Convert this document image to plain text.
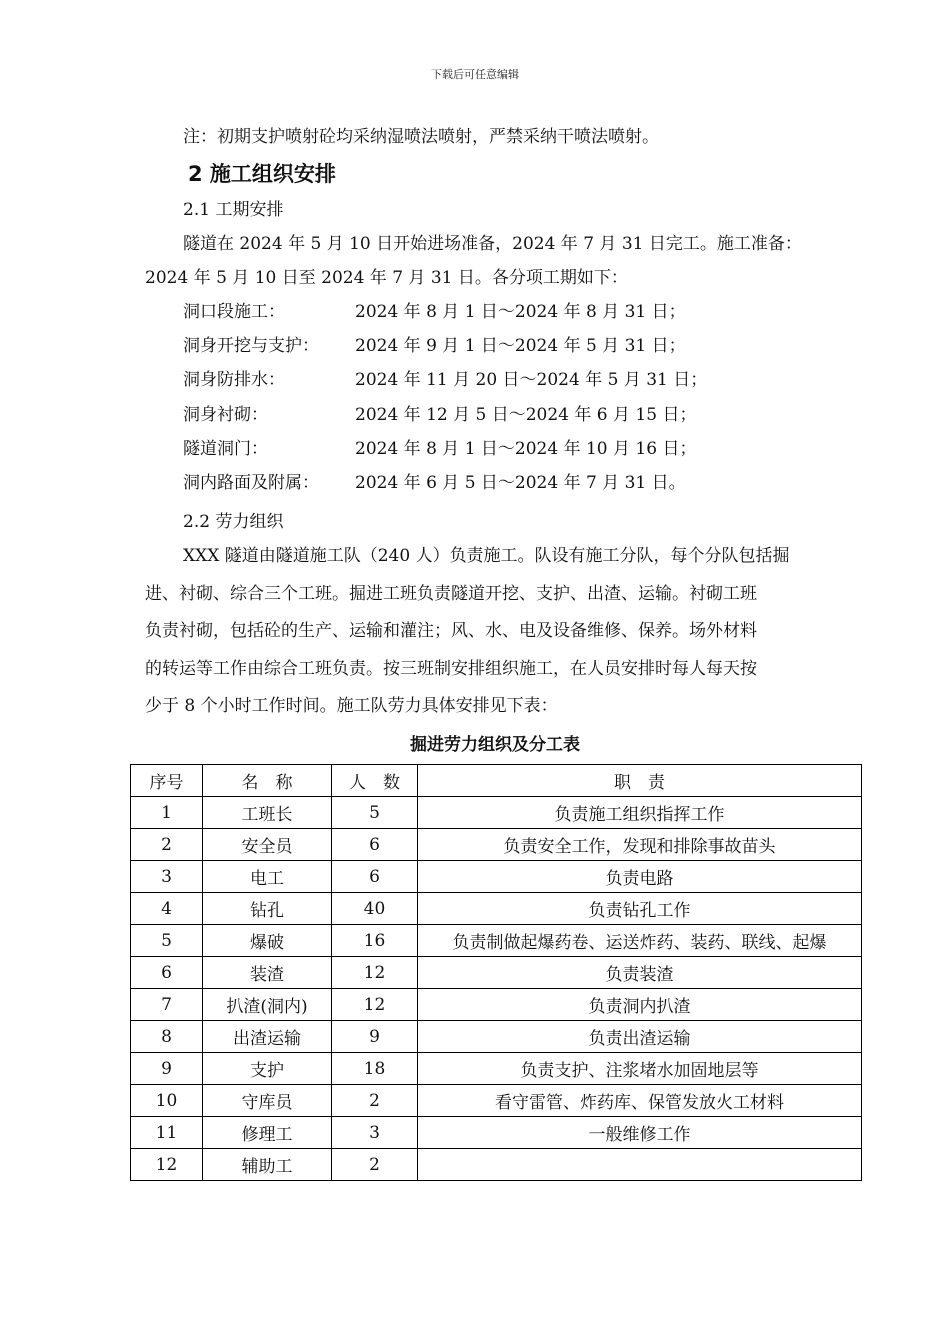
下载后可任意编辑
注：初期支护喷射砼均采纳湿喷法喷射，严禁采纳干喷法喷射。
2 施工组织安排
2.1 工期安排
隧道在 2024 年 5 月 10 日开始进场准备，2024 年 7 月 31 日完工。施工准备：
2024 年 5 月 10 日至 2024 年 7 月 31 日。各分项工期如下：
洞口段施工：	2024 年 8 月 1 日～2024 年 8 月 31 日；
洞身开挖与支护： 2024 年 9 月 1 日～2024 年 5 月 31 日；
洞身防排水：	2024 年 11 月 20 日～2024 年 5 月 31 日；
洞身衬砌：	2024 年 12 月 5 日～2024 年 6 月 15 日；
隧道洞门：	2024 年 8 月 1 日～2024 年 10 月 16 日；
洞内路面及附属： 2024 年 6 月 5 日～2024 年 7 月 31 日。
2.2 劳力组织
XXX 隧道由隧道施工队（240 人）负责施工。队设有施工分队，每个分队包括掘
进、衬砌、综合三个工班。掘进工班负责隧道开挖、支护、出渣、运输。衬砌工班
负责衬砌，包括砼的生产、运输和灌注；风、水、电及设备维修、保养。场外材料
的转运等工作由综合工班负责。按三班制安排组织施工，在人员安排时每人每天按
少于 8 个小时工作时间。施工队劳力具体安排见下表：
掘进劳力组织及分工表
序号	名　称	人　数	职　责
1	工班长	5	负责施工组织指挥工作
2	安全员	6	负责安全工作，发现和排除事故苗头
3	电工	6	负责电路
4	钻孔	40	负责钻孔工作
5	爆破	16	负责制做起爆药卷、运送炸药、装药、联线、起爆
6	装渣	12	负责装渣
7	扒渣(洞内)	12	负责洞内扒渣
8	出渣运输	9	负责出渣运输
9	支护	18	负责支护、注浆堵水加固地层等
10	守库员	2	看守雷管、炸药库、保管发放火工材料
11	修理工	3	一般维修工作
12	辅助工	2	
